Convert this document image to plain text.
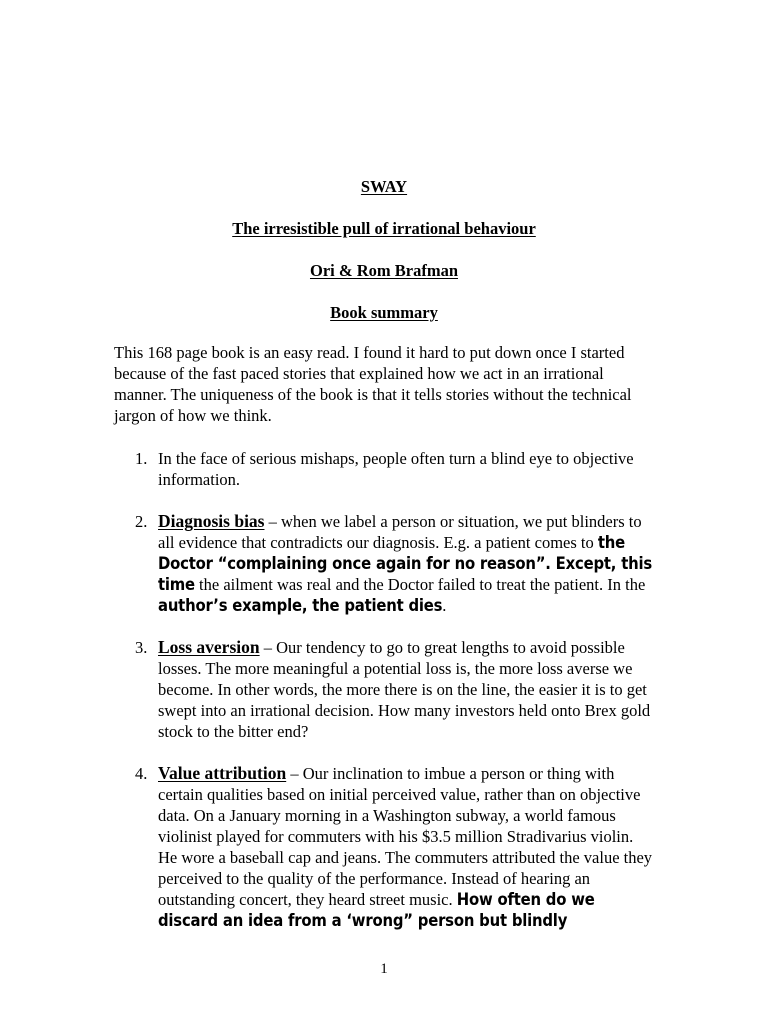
SWAY
The irresistible pull of irrational behaviour
Ori & Rom Brafman
Book summary

This 168 page book is an easy read. I found it hard to put down once I started because of the fast paced stories that explained how we act in an irrational manner. The uniqueness of the book is that it tells stories without the technical jargon of how we think.

1. In the face of serious mishaps, people often turn a blind eye to objective information.
2. Diagnosis bias – when we label a person or situation, we put blinders to all evidence that contradicts our diagnosis. E.g. a patient comes to the Doctor “complaining once again for no reason”. Except, this time the ailment was real and the Doctor failed to treat the patient. In the author’s example, the patient dies.
3. Loss aversion – Our tendency to go to great lengths to avoid possible losses. The more meaningful a potential loss is, the more loss averse we become. In other words, the more there is on the line, the easier it is to get swept into an irrational decision. How many investors held onto Brex gold stock to the bitter end?
4. Value attribution – Our inclination to imbue a person or thing with certain qualities based on initial perceived value, rather than on objective data. On a January morning in a Washington subway, a world famous violinist played for commuters with his $3.5 million Stradivarius violin. He wore a baseball cap and jeans. The commuters attributed the value they perceived to the quality of the performance. Instead of hearing an outstanding concert, they heard street music. How often do we discard an idea from a ‘wrong” person but blindly
1
